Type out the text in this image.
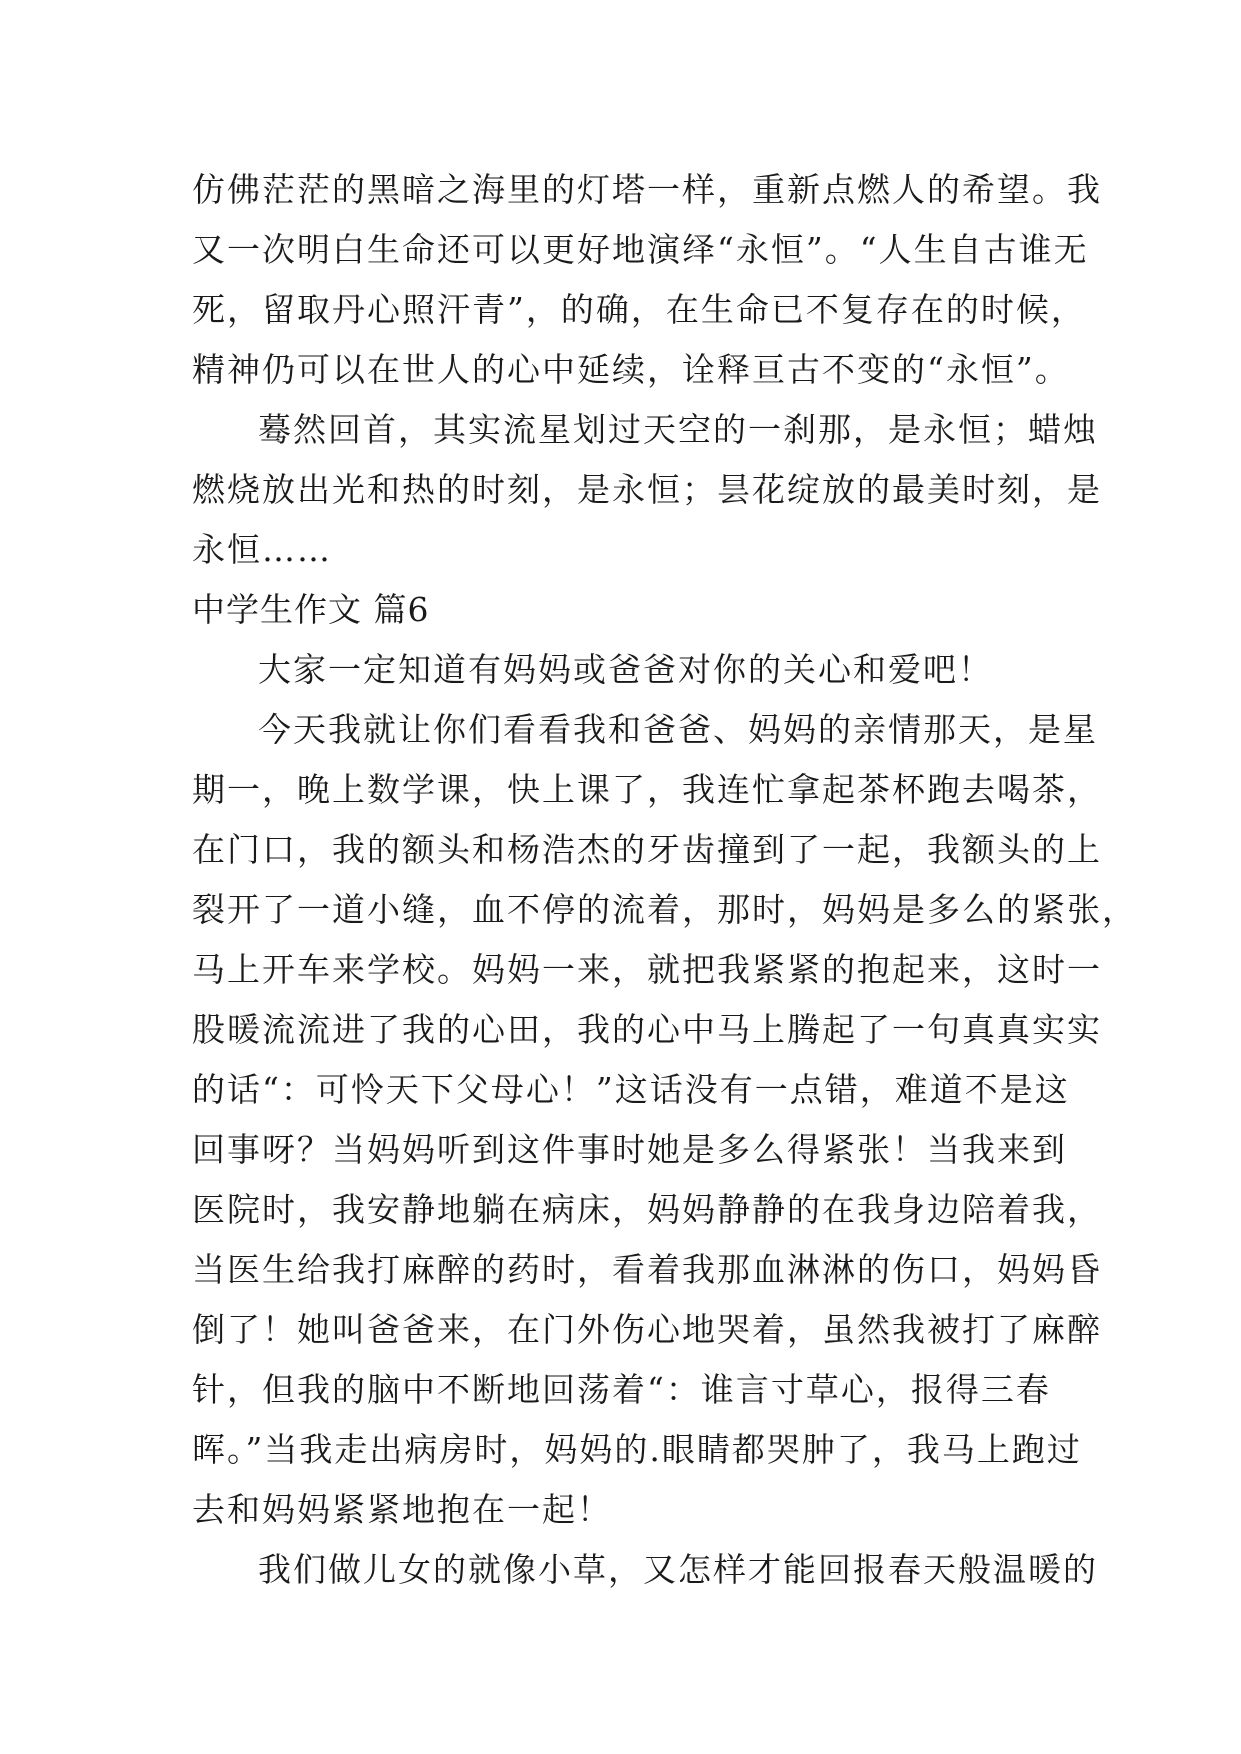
仿佛茫茫的黑暗之海里的灯塔一样，重新点燃人的希望。我
又一次明白生命还可以更好地演绎“永恒”。“人生自古谁无
死，留取丹心照汗青”，的确，在生命已不复存在的时候，
精神仍可以在世人的心中延续，诠释亘古不变的“永恒”。
蓦然回首，其实流星划过天空的一刹那，是永恒；蜡烛
燃烧放出光和热的时刻，是永恒；昙花绽放的最美时刻，是
永恒……
中学生作文 篇6
大家一定知道有妈妈或爸爸对你的关心和爱吧！
今天我就让你们看看我和爸爸、妈妈的亲情那天，是星
期一，晚上数学课，快上课了，我连忙拿起茶杯跑去喝茶，
在门口，我的额头和杨浩杰的牙齿撞到了一起，我额头的上
裂开了一道小缝，血不停的流着，那时，妈妈是多么的紧张，
马上开车来学校。妈妈一来，就把我紧紧的抱起来，这时一
股暖流流进了我的心田，我的心中马上腾起了一句真真实实
的话“：可怜天下父母心！”这话没有一点错，难道不是这
回事呀？当妈妈听到这件事时她是多么得紧张！当我来到
医院时，我安静地躺在病床，妈妈静静的在我身边陪着我，
当医生给我打麻醉的药时，看着我那血淋淋的伤口，妈妈昏
倒了！她叫爸爸来，在门外伤心地哭着，虽然我被打了麻醉
针，但我的脑中不断地回荡着“：谁言寸草心，报得三春
晖。”当我走出病房时，妈妈的.眼睛都哭肿了，我马上跑过
去和妈妈紧紧地抱在一起！
我们做儿女的就像小草，又怎样才能回报春天般温暖的
